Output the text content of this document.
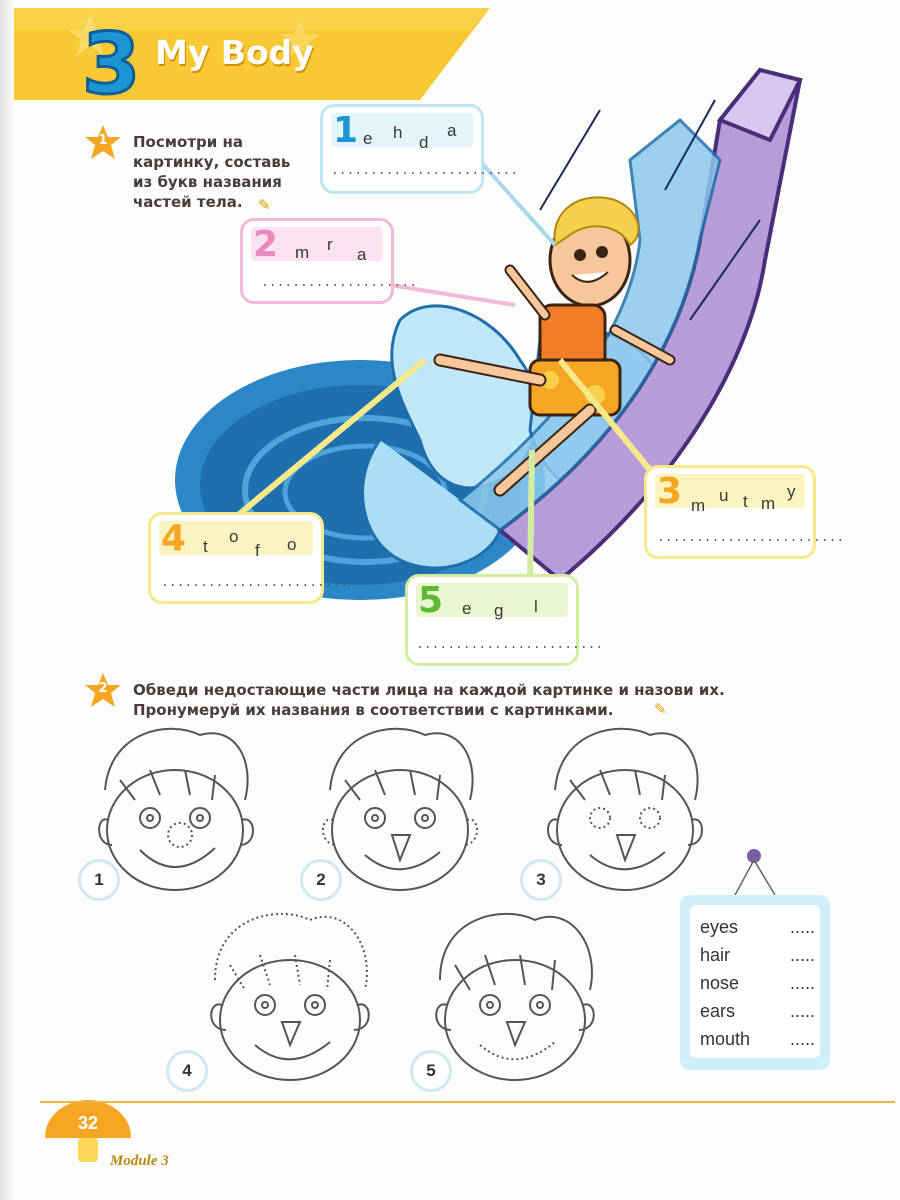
3 My Body
1	Посмотри на
картинку, составь
из букв названия
частей тела.	✎
1 e h
d
a
........................
2 m r
a
....................
3 m
u t m
y
........................
4 t
o
f o
........................ 5 e g l
........................
2	Обведи недостающие части лица на каждой картинке и назови их.
Пронумеруй их названия в соответствии с картинками.	✎
1	2	3
4	5
eyes	.....
hair	.....
nose	.....
ears	.....
mouth .....
32
Module 3
